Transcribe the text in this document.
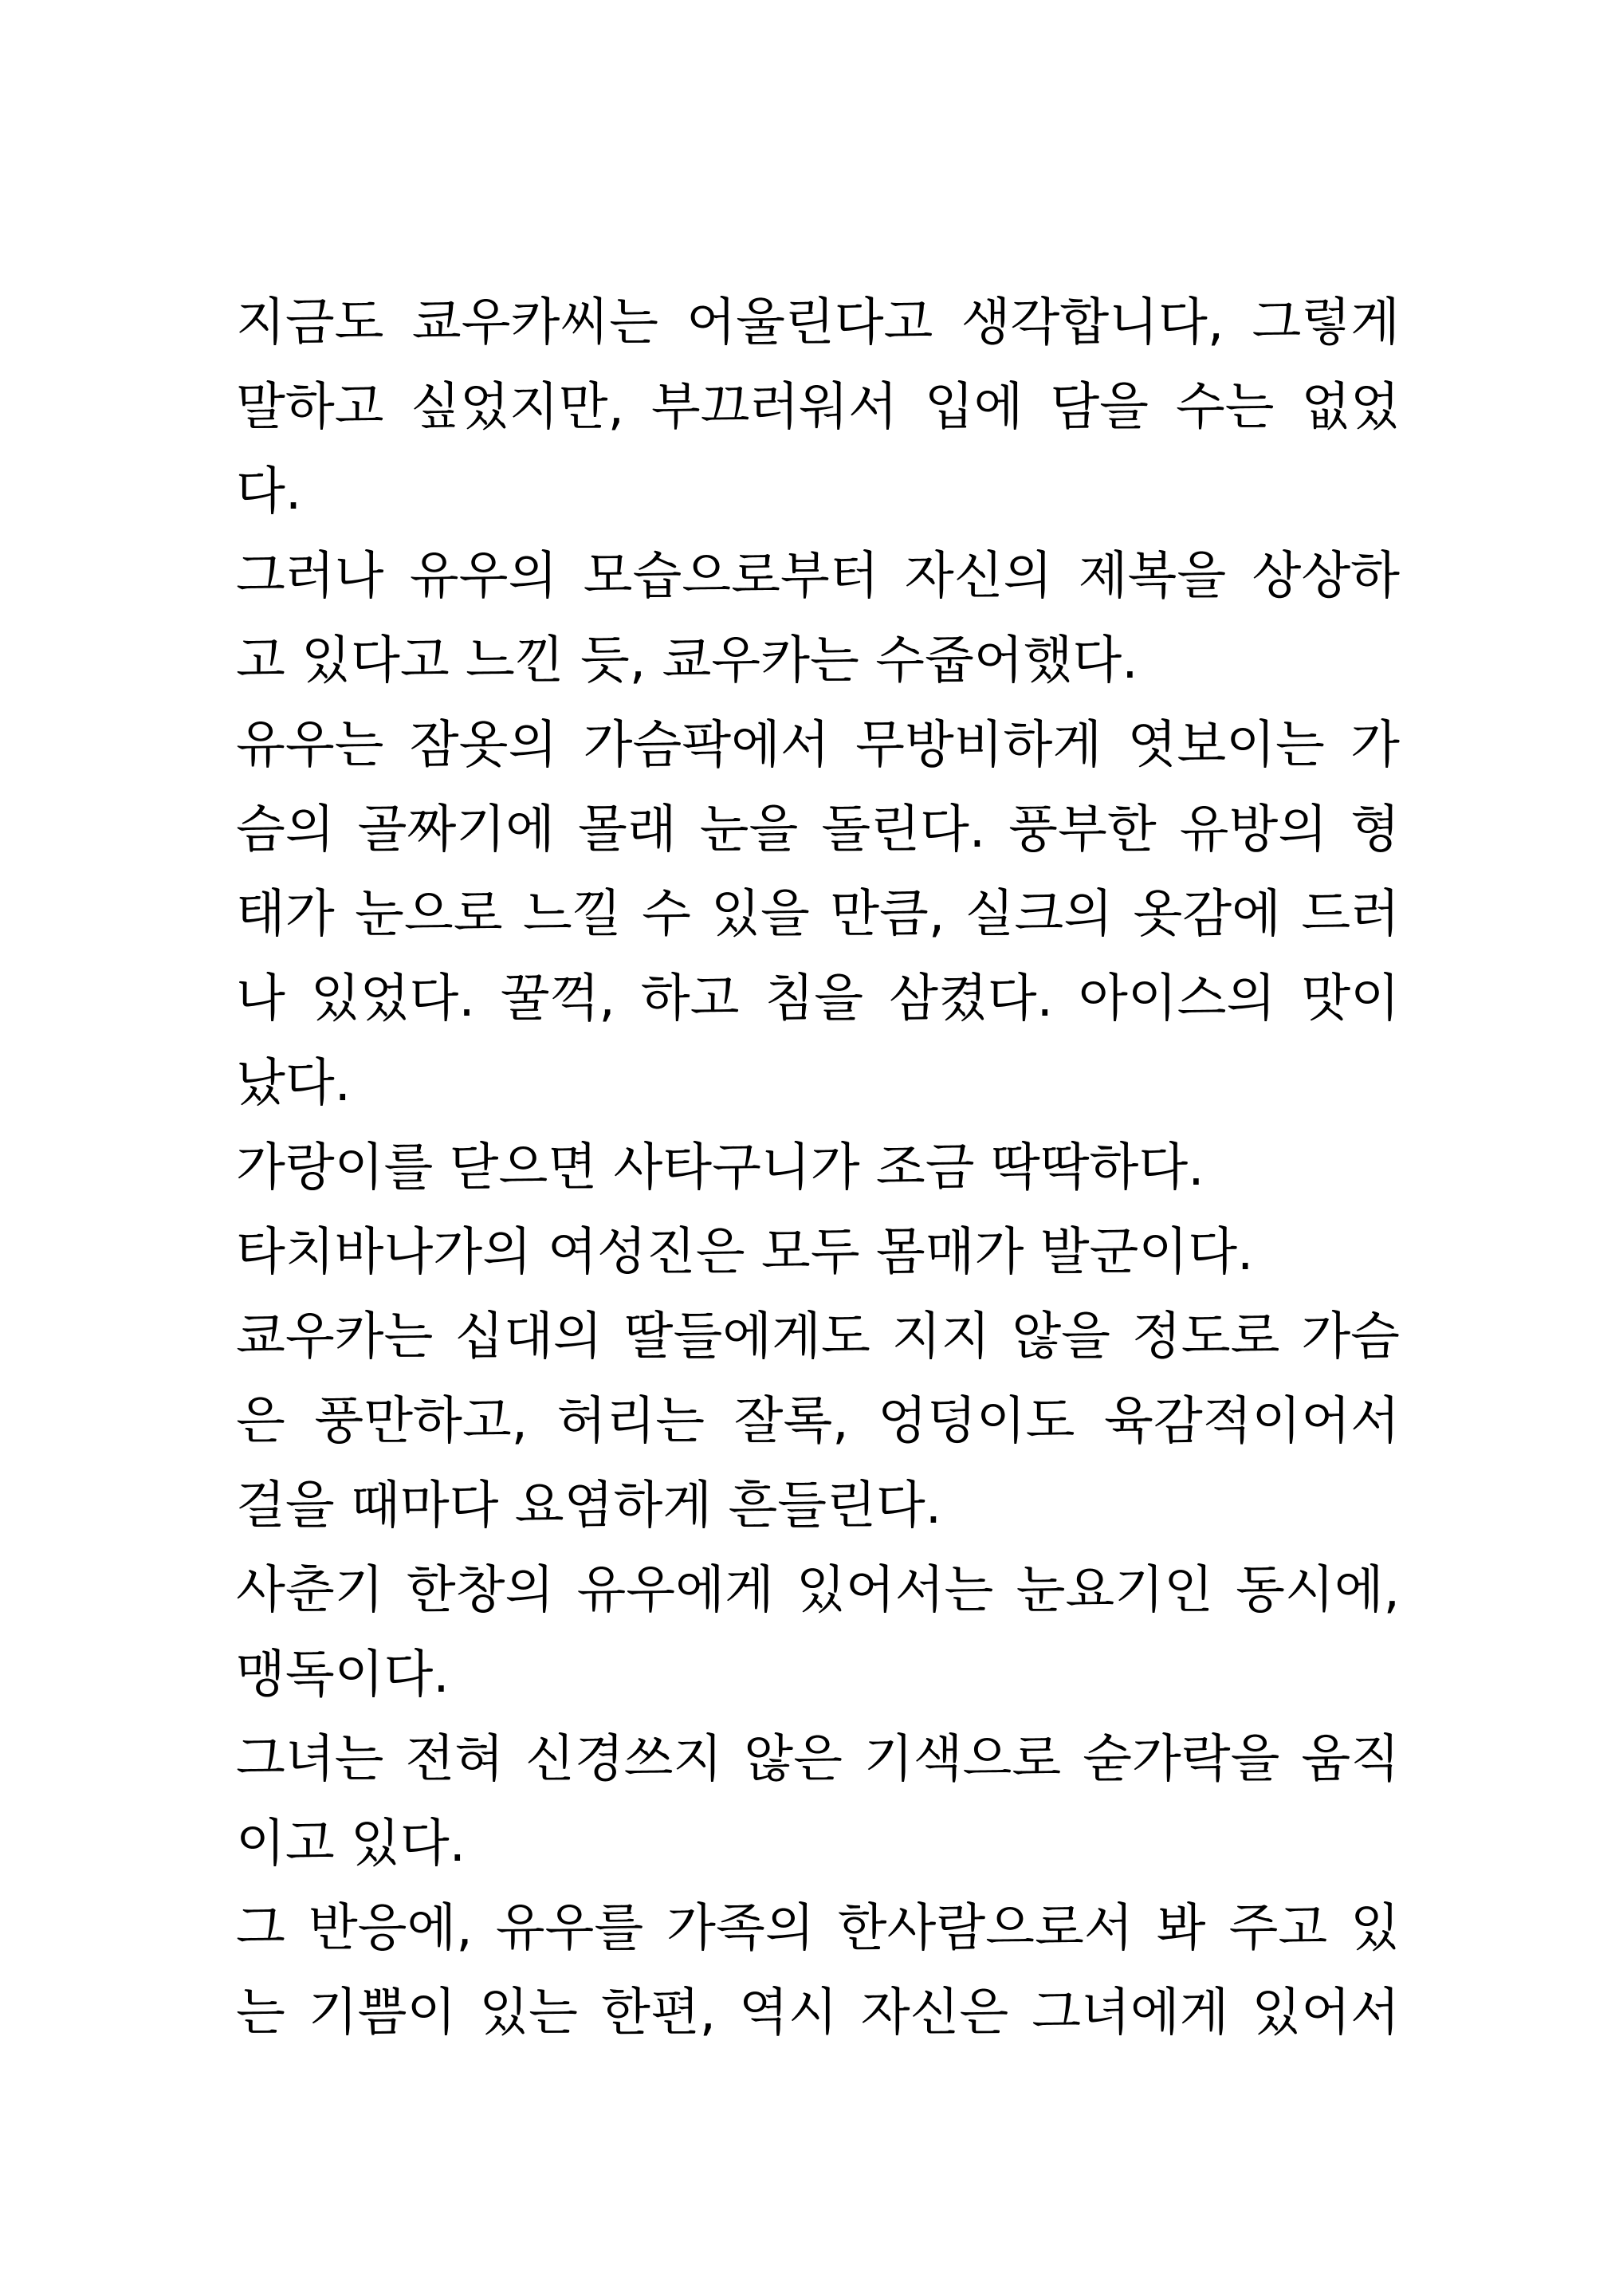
지금도 쿄우카씨는 어울린다고 생각합니다, 그렇게
말하고 싶었지만, 부끄러워서 입에 담을 수는 없었
다.
그러나 유우의 모습으로부터 자신의 제복을 상상하
고 있다고 느낀 듯, 쿄우카는 수줍어했다.
유우는 잠옷의 가슴팍에서 무방비하게 엿보이는 가
슴의 골짜기에 몰래 눈을 돌린다. 풍부한 유방의 형
태가 눈으로 느낄 수 있을 만큼, 실크의 옷감에 드러
나 있었다. 꿀꺽, 하고 침을 삼켰다. 아이스의 맛이
났다.
가랑이를 닫으면 사타구니가 조금 딱딱하다.
타치바나가의 여성진은 모두 몸매가 발군이다.
쿄우카는 십대의 딸들에게도 지지 않을 정도로 가슴
은 풍만하고, 허리는 잘록, 엉덩이도 육감적이어서
걸을 때마다 요염하게 흔들린다.
사춘기 한창의 유우에게 있어서는 눈요기인 동시에,
맹독이다.
그녀는 전혀 신경쓰지 않은 기색으로 숟가락을 움직
이고 있다.
그 반응에, 유우를 가족의 한사람으로서 봐 주고 있
는 기쁨이 있는 한편, 역시 자신은 그녀에게 있어서
